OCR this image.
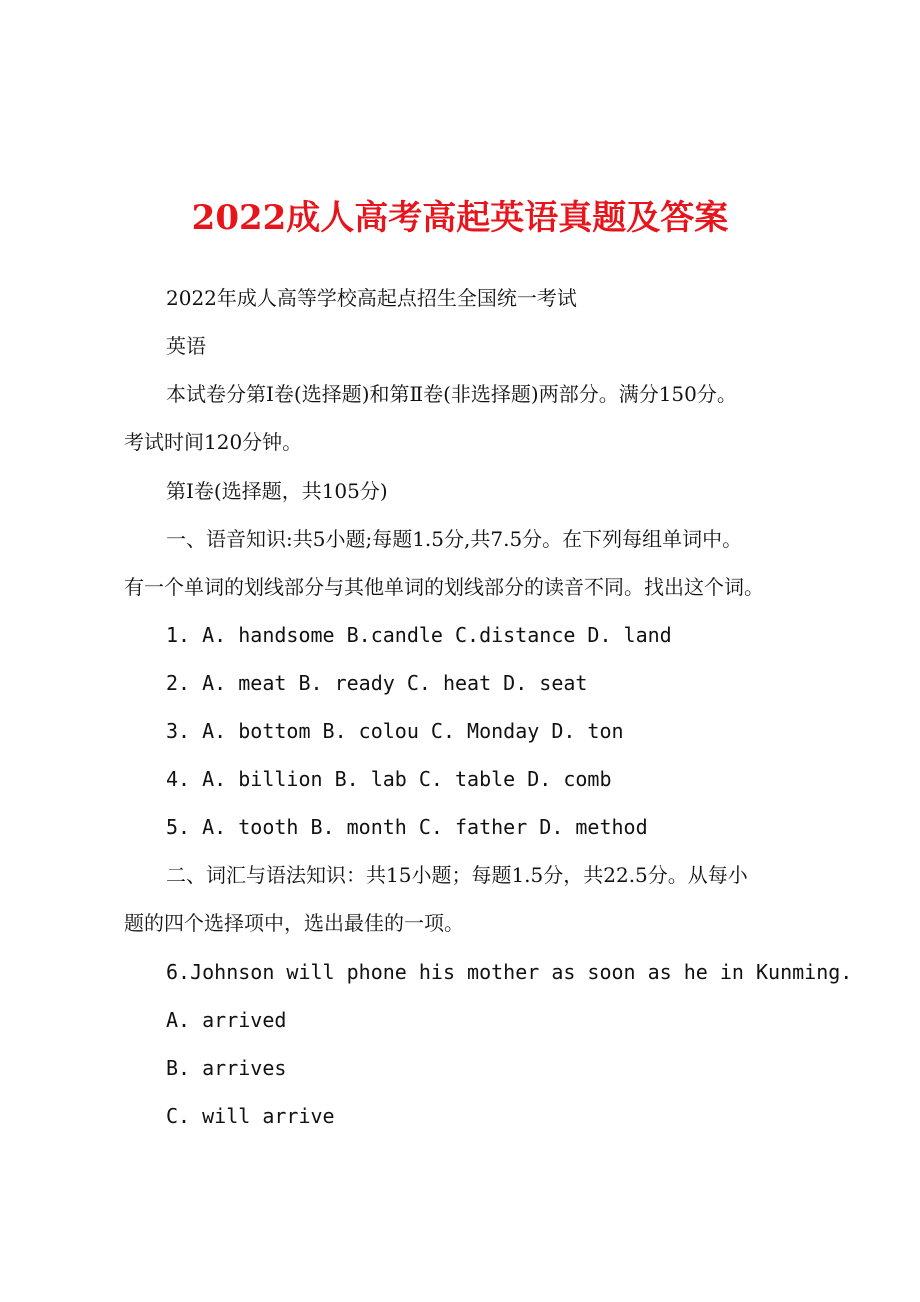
2022成人高考高起英语真题及答案
2022年成人高等学校高起点招生全国统一考试
英语
本试卷分第Ⅰ卷(选择题)和第Ⅱ卷(非选择题)两部分。满分150分。
考试时间120分钟。
第Ⅰ卷(选择题，共105分)
一、语音知识:共5小题;每题1.5分,共7.5分。在下列每组单词中。
有一个单词的划线部分与其他单词的划线部分的读音不同。找出这个词。
1. A. handsome B.candle C.distance D. land
2. A. meat B. ready C. heat D. seat
3. A. bottom B. colou C. Monday D. ton
4. A. billion B. lab C. table D. comb
5. A. tooth B. month C. father D. method
二、词汇与语法知识：共15小题；每题1.5分，共22.5分。从每小
题的四个选择项中，选出最佳的一项。
6.Johnson will phone his mother as soon as he in Kunming.
A. arrived
B. arrives
C. will arrive
